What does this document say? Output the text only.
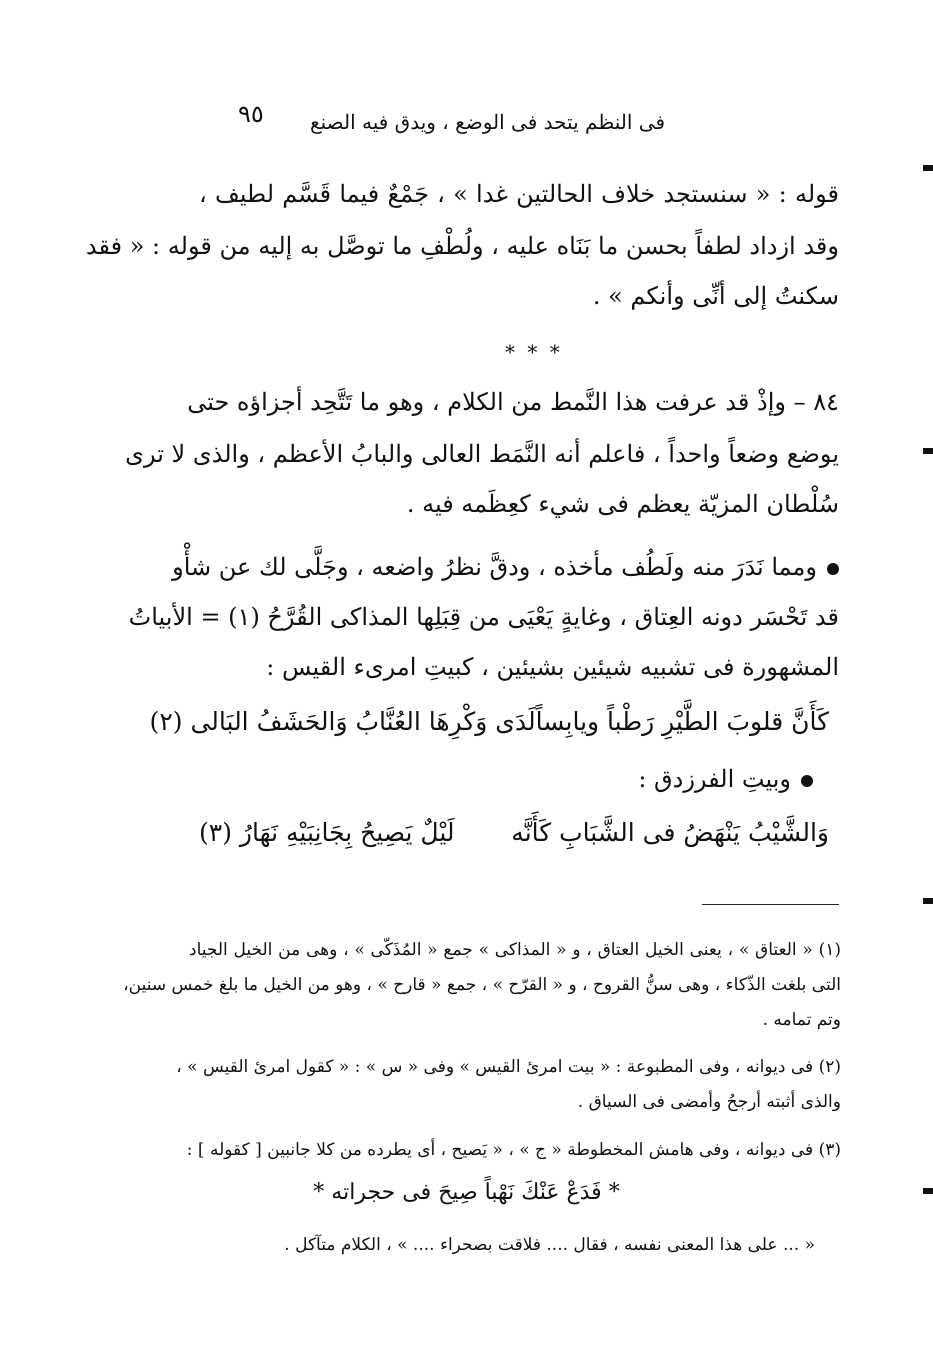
فى النظم يتحد فى الوضع ، ويدق فيه الصنع
٩٥
قوله : « سنستجد خلاف الحالتين غدا » ، جَمْعٌ فيما قَسَّم لطيف ،
وقد ازداد لطفاً بحسن ما بَنَاه عليه ، ولُطْفِ ما توصَّل به إليه من قوله : « فقد
سكنتُ إلى أنِّى وأنكم » .
* * *
٨٤ – وإذْ قد عرفت هذا النَّمط من الكلام ، وهو ما تَتَّحِد أجزاؤه حتى
يوضع وضعاً واحداً ، فاعلم أنه النَّمَط العالى والبابُ الأعظم ، والذى لا ترى
سُلْطان المزيّة يعظم فى شيء كعِظَمه فيه .
ومما نَدَرَ منه ولَطُف مأخذه ، ودقَّ نظرُ واضعه ، وجَلَّى لك عن شأْو
قد تَحْسَر دونه العِتاق ، وغايةٍ يَعْيَى من قِبَلِها المذاكى القُرَّحُ (١) = الأبياتُ
المشهورة فى تشبيه شيئين بشيئين ، كبيتِ امرىء القيس :
كَأَنَّ قلوبَ الطَّيْرِ رَطْباً ويابِساً
لَدَى وَكْرِهَا العُنَّابُ وَالحَشَفُ البَالى (٢)
وبيتِ الفرزدق :
وَالشَّيْبُ يَنْهَضُ فى الشَّبَابِ كَأَنَّه
لَيْلٌ يَصِيحُ بِجَانِبَيْهِ نَهَارُ (٣)
(١) « العتاق » ، يعنى الخيل العتاق ، و « المذاكى » جمع « المُذَكّى » ، وهى من الخيل الجياد
التى بلغت الذّكاء ، وهى سنُّ القروح ، و « القرّح » ، جمع « قارح » ، وهو من الخيل ما بلغ خمس سنين،
وتم تمامه .
(٢) فى ديوانه ، وفى المطبوعة : « بيت امرئ القيس » وفى « س » : « كقول امرئ القيس » ،
والذى أثبته أرجحُ وأمضى فى السياق .
(٣) فى ديوانه ، وفى هامش المخطوطة « ج » ، « يَصيح ، أى يطرده من كلا جانبين [ كقوله ] :
* فَدَعْ عَنْكَ نَهْباً صِيحَ فى حجراته *
« ... على هذا المعنى نفسه ، فقال .... فلاقت بصحراء .... » ، الكلام متآكل .
